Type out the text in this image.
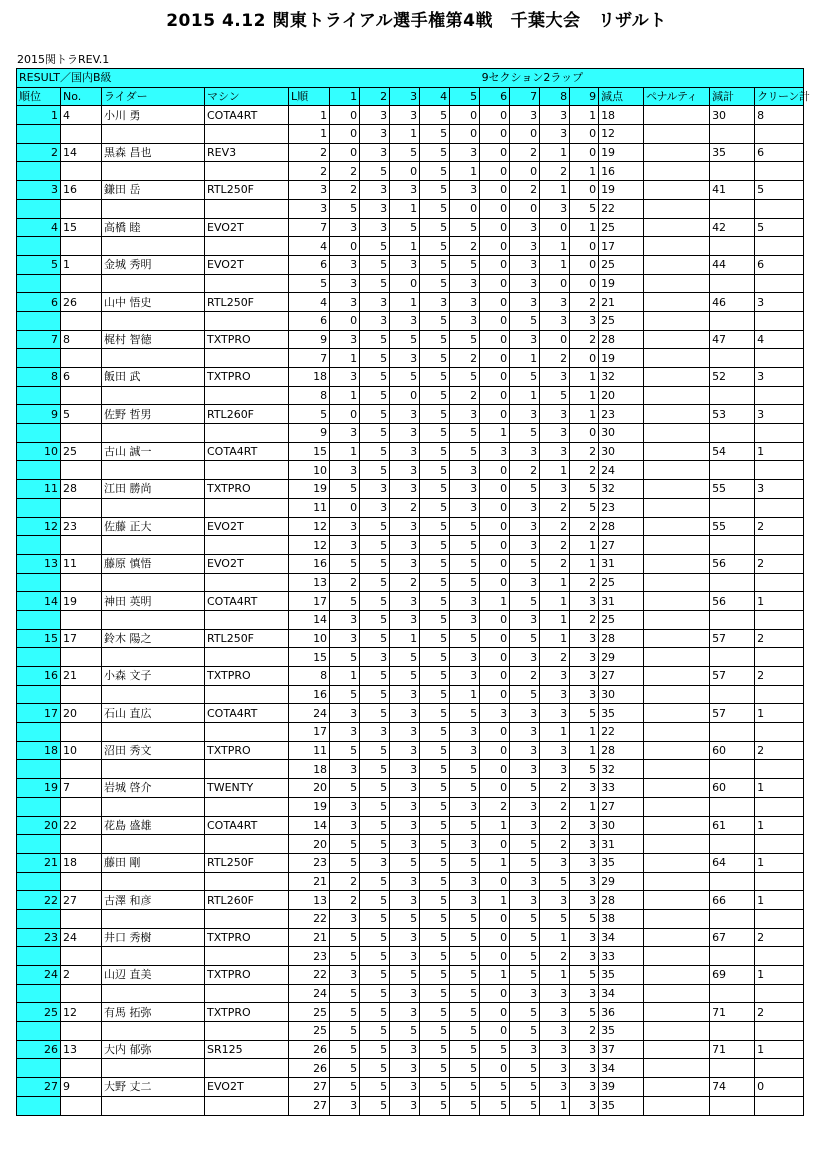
2015 4.12 関東トライアル選手権第4戦　千葉大会　リザルト
2015関トラREV.1
RESULT／国内B級					9セクション2ラップ												
順位	No.	ライダー	マシン	L順	1	2	3	4	5	6	7	8	9	減点	ペナルティ	減計	クリーン計
1	4	小川 勇	COTA4RT	1	0	3	3	5	0	0	3	3	1	18		30	8
				1	0	3	1	5	0	0	0	3	0	12			
2	14	黒森 昌也	REV3	2	0	3	5	5	3	0	2	1	0	19		35	6
				2	2	5	0	5	1	0	0	2	1	16			
3	16	鎌田 岳	RTL250F	3	2	3	3	5	3	0	2	1	0	19		41	5
				3	5	3	1	5	0	0	0	3	5	22			
4	15	高橋 睦	EVO2T	7	3	3	5	5	5	0	3	0	1	25		42	5
				4	0	5	1	5	2	0	3	1	0	17			
5	1	金城 秀明	EVO2T	6	3	5	3	5	5	0	3	1	0	25		44	6
				5	3	5	0	5	3	0	3	0	0	19			
6	26	山中 悟史	RTL250F	4	3	3	1	3	3	0	3	3	2	21		46	3
				6	0	3	3	5	3	0	5	3	3	25			
7	8	梶村 智徳	TXTPRO	9	3	5	5	5	5	0	3	0	2	28		47	4
				7	1	5	3	5	2	0	1	2	0	19			
8	6	飯田 武	TXTPRO	18	3	5	5	5	5	0	5	3	1	32		52	3
				8	1	5	0	5	2	0	1	5	1	20			
9	5	佐野 哲男	RTL260F	5	0	5	3	5	3	0	3	3	1	23		53	3
				9	3	5	3	5	5	1	5	3	0	30			
10	25	古山 誠一	COTA4RT	15	1	5	3	5	5	3	3	3	2	30		54	1
				10	3	5	3	5	3	0	2	1	2	24			
11	28	江田 勝尚	TXTPRO	19	5	3	3	5	3	0	5	3	5	32		55	3
				11	0	3	2	5	3	0	3	2	5	23			
12	23	佐藤 正大	EVO2T	12	3	5	3	5	5	0	3	2	2	28		55	2
				12	3	5	3	5	5	0	3	2	1	27			
13	11	藤原 慎悟	EVO2T	16	5	5	3	5	5	0	5	2	1	31		56	2
				13	2	5	2	5	5	0	3	1	2	25			
14	19	神田 英明	COTA4RT	17	5	5	3	5	3	1	5	1	3	31		56	1
				14	3	5	3	5	3	0	3	1	2	25			
15	17	鈴木 陽之	RTL250F	10	3	5	1	5	5	0	5	1	3	28		57	2
				15	5	3	5	5	3	0	3	2	3	29			
16	21	小森 文子	TXTPRO	8	1	5	5	5	3	0	2	3	3	27		57	2
				16	5	5	3	5	1	0	5	3	3	30			
17	20	石山 直広	COTA4RT	24	3	5	3	5	5	3	3	3	5	35		57	1
				17	3	3	3	5	3	0	3	1	1	22			
18	10	沼田 秀文	TXTPRO	11	5	5	3	5	3	0	3	3	1	28		60	2
				18	3	5	3	5	5	0	3	3	5	32			
19	7	岩城 啓介	TWENTY	20	5	5	3	5	5	0	5	2	3	33		60	1
				19	3	5	3	5	3	2	3	2	1	27			
20	22	花島 盛雄	COTA4RT	14	3	5	3	5	5	1	3	2	3	30		61	1
				20	5	5	3	5	3	0	5	2	3	31			
21	18	藤田 剛	RTL250F	23	5	3	5	5	5	1	5	3	3	35		64	1
				21	2	5	3	5	3	0	3	5	3	29			
22	27	古澤 和彦	RTL260F	13	2	5	3	5	3	1	3	3	3	28		66	1
				22	3	5	5	5	5	0	5	5	5	38			
23	24	井口 秀樹	TXTPRO	21	5	5	3	5	5	0	5	1	3	34		67	2
				23	5	5	3	5	5	0	5	2	3	33			
24	2	山辺 直美	TXTPRO	22	3	5	5	5	5	1	5	1	5	35		69	1
				24	5	5	3	5	5	0	3	3	3	34			
25	12	有馬 拓弥	TXTPRO	25	5	5	3	5	5	0	5	3	5	36		71	2
				25	5	5	5	5	5	0	5	3	2	35			
26	13	大内 郁弥	SR125	26	5	5	3	5	5	5	3	3	3	37		71	1
				26	5	5	3	5	5	0	5	3	3	34			
27	9	大野 丈二	EVO2T	27	5	5	3	5	5	5	5	3	3	39		74	0
				27	3	5	3	5	5	5	5	1	3	35			
